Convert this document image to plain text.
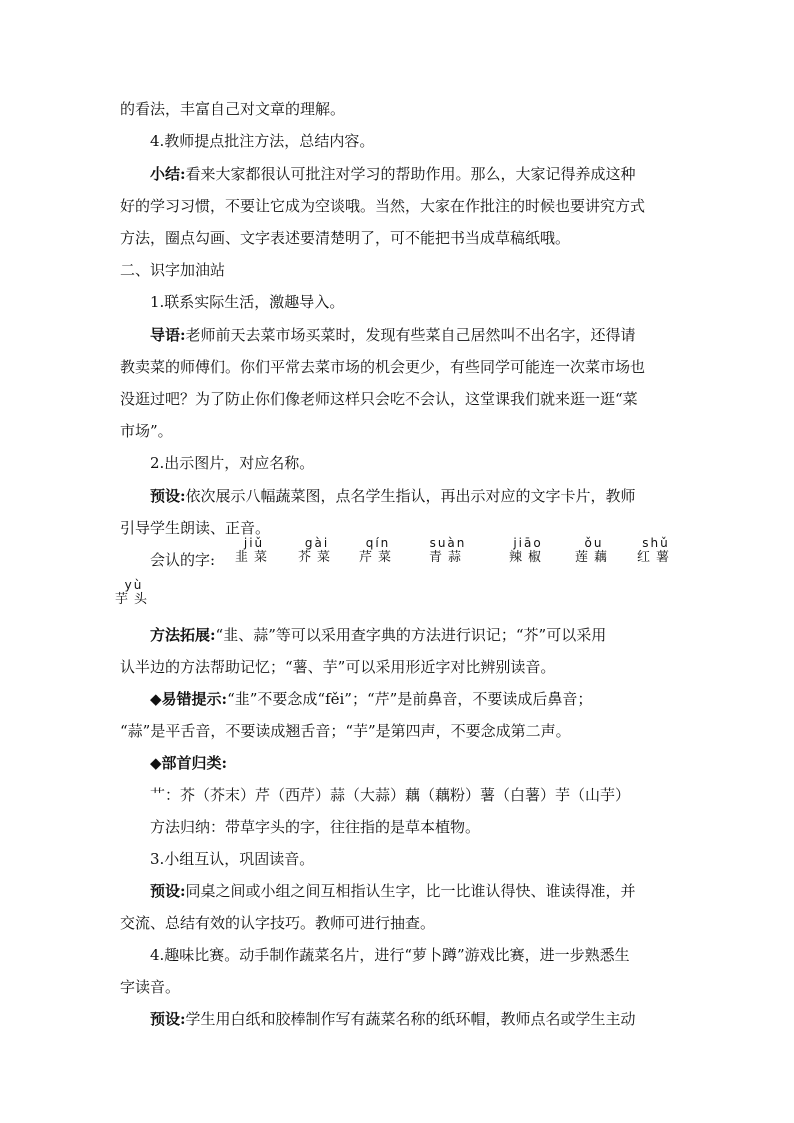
的看法，丰富自己对文章的理解。

4.教师提点批注方法，总结内容。

小结:看来大家都很认可批注对学习的帮助作用。那么，大家记得养成这种

好的学习习惯，不要让它成为空谈哦。当然，大家在作批注的时候也要讲究方式

方法，圈点勾画、文字表述要清楚明了，可不能把书当成草稿纸哦。

二、识字加油站

1.联系实际生活，激趣导入。

导语:老师前天去菜市场买菜时，发现有些菜自己居然叫不出名字，还得请

教卖菜的师傅们。你们平常去菜市场的机会更少，有些同学可能连一次菜市场也

没逛过吧？为了防止你们像老师这样只会吃不会认，这堂课我们就来逛一逛“菜

市场”。

2.出示图片，对应名称。

预设:依次展示八幅蔬菜图，点名学生指认，再出示对应的文字卡片，教师

引导学生朗读、正音。

会认的字:

jiǔ
韭菜
gài
芥菜
qín
芹菜
suàn
青蒜
jiāo
辣椒
ǒu
莲藕
shǔ
红薯
yù
芋头

方法拓展:“韭、蒜”等可以采用查字典的方法进行识记；“芥”可以采用

认半边的方法帮助记忆；“薯、芋”可以采用形近字对比辨别读音。

◆易错提示:“韭”不要念成“fěi”；“芹”是前鼻音，不要读成后鼻音；

“蒜”是平舌音，不要读成翘舌音；“芋”是第四声，不要念成第二声。

◆部首归类:

艹：芥（芥末）芹（西芹）蒜（大蒜）藕（藕粉）薯（白薯）芋（山芋）

方法归纳：带草字头的字，往往指的是草本植物。

3.小组互认，巩固读音。

预设:同桌之间或小组之间互相指认生字，比一比谁认得快、谁读得准，并

交流、总结有效的认字技巧。教师可进行抽查。

4.趣味比赛。动手制作蔬菜名片，进行“萝卜蹲”游戏比赛，进一步熟悉生

字读音。

预设:学生用白纸和胶棒制作写有蔬菜名称的纸环帽，教师点名或学生主动
